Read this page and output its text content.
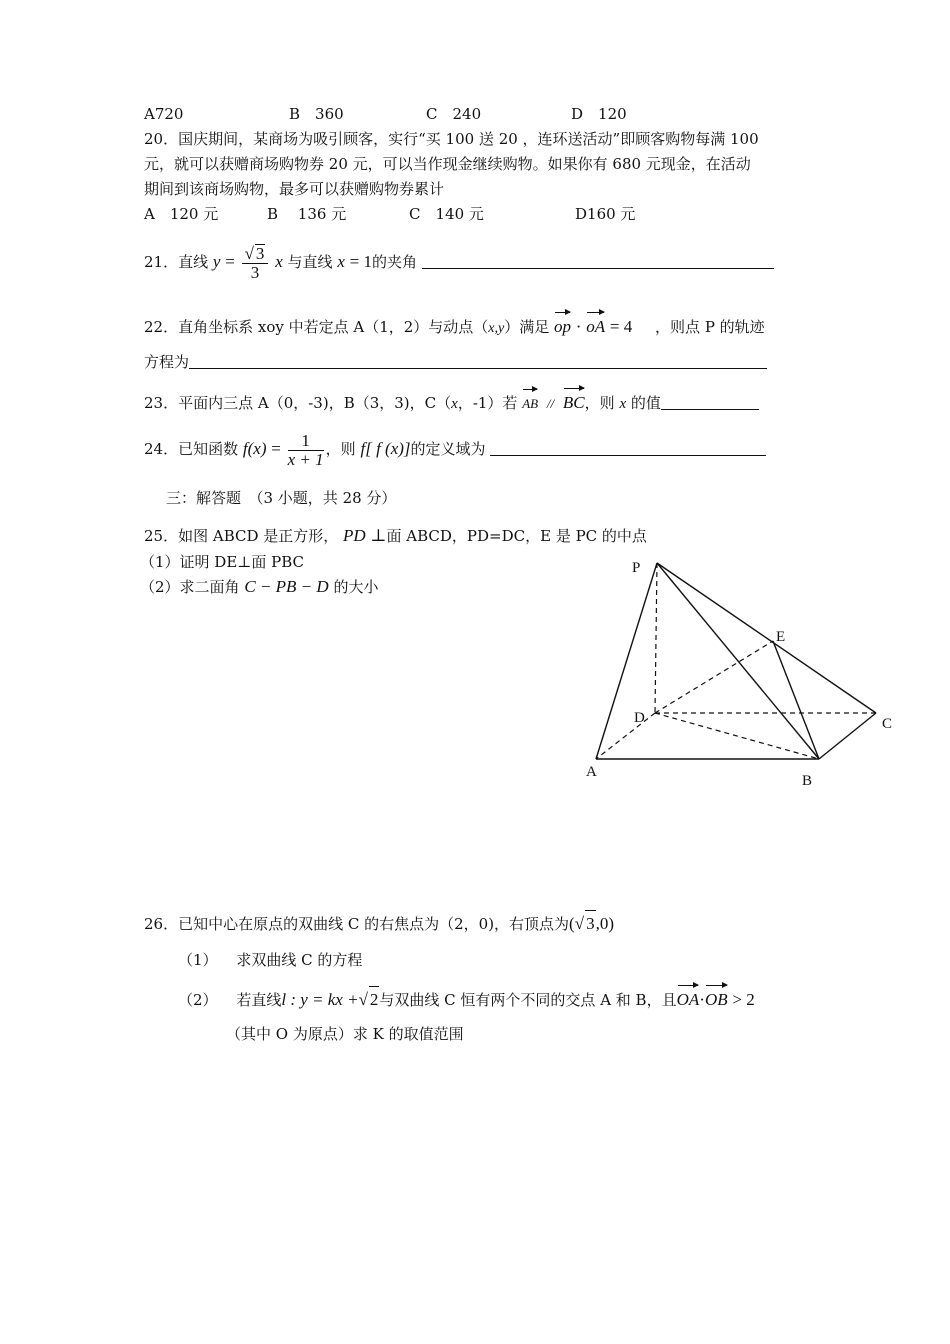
A720	B　360	C　240	D　120
20．国庆期间，某商场为吸引顾客，实行“买 100 送 20 ，连环送活动”即顾客购物每满 100
元，就可以获赠商场购物券 20 元，可以当作现金继续购物。如果你有 680 元现金，在活动
期间到该商场购物，最多可以获赠购物券累计
A　120 元	B　 136 元	C　140 元	D160 元
21．直线 $y = \frac{√ 3}{3}$ x 与直线 x = 1的夹角
22．直角坐标系 xoy 中若定点 A（1，2）与动点（x,y）满足 op · oA = 4 ，则点 P 的轨迹
方程为
23．平面内三点 A（0，-3)，B（3，3)，C（x，-1）若 AB // BC，则 x 的值
24．已知函数 $f(x) = \frac{1}{x + 1}$ ，则 f[ f (x)]的定义域为
三：解答题　（3 小题，共 28 分）
25．如图 ABCD 是正方形， PD ⊥面 ABCD，PD=DC，E 是 PC 的中点
（1）证明 DE⊥面 PBC
（2）求二面角 C − PB − D 的大小
P
E
D	C
A
B
26．已知中心在原点的双曲线 C 的右焦点为（2，0)，右顶点为(√ 3,0)
（1） 求双曲线 C 的方程
（2） 若直线l : y = kx +√ 2与双曲线 C 恒有两个不同的交点 A 和 B，且OA·OB > 2
（其中 O 为原点）求 K 的取值范围
